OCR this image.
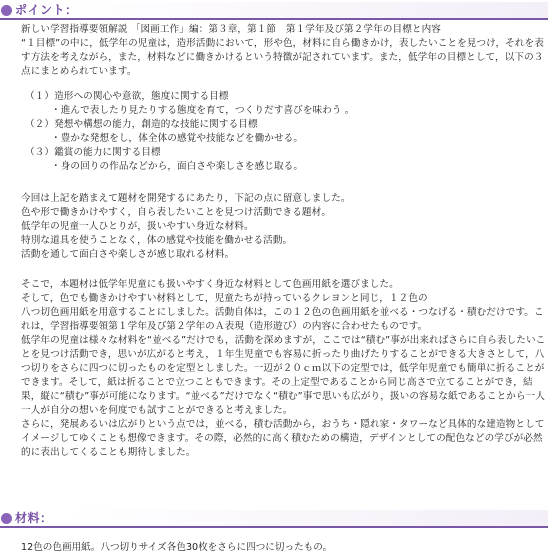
ポイント：

新しい学習指導要領解説 「図画工作」編：第３章，第１節　第１学年及び第２学年の目標と内容
“１目標”の中に，低学年の児童は，造形活動において，形や色，材料に自ら働きかけ，表したいことを見つけ，それを表す方法を考えながら，また，材料などに働きかけるという特徴が記されています。また，低学年の目標として，以下の３点にまとめられています。

（１）造形への関心や意欲，態度に関する目標
・進んで表したり見たりする態度を育て，つくりだす喜びを味わう 。
（２）発想や構想の能力，創造的な技能に関する目標
・豊かな発想をし，体全体の感覚や技能などを働かせる。
（３）鑑賞の能力に関する目標
・身の回りの作品などから，面白さや楽しさを感じ取る。

今回は上記を踏まえて題材を開発するにあたり，下記の点に留意しました。
色や形で働きかけやすく，自ら表したいことを見つけ活動できる題材。
低学年の児童一人ひとりが，扱いやすい身近な材料。
特別な道具を使うことなく，体の感覚や技能を働かせる活動。
活動を通して面白さや楽しさが感じ取れる材料。

そこで，本題材は低学年児童にも扱いやすく身近な材料として色画用紙を選びました。
そして，色でも働きかけやすい材料として，児童たちが持っているクレヨンと同じ，１２色の
八つ切色画用紙を用意することにしました。活動自体は，この１２色の色画用紙を並べる・つなげる・積むだけです。これは，学習指導要領第１学年及び第２学年のＡ表現（造形遊び）の内容に合わせたものです。

低学年の児童は様々な材料を“並べる”だけでも，活動を深めますが，ここでは“積む”事が出来ればさらに自ら表したいことを見つけ活動でき，思いが広がると考え，１年生児童でも容易に折ったり曲げたりすることができる大きさとして，八つ切りをさらに四つに切ったものを定型としました。一辺が２０ｃｍ以下の定型では，低学年児童でも簡単に折ることができます。そして，紙は折ることで立つこともできます。その上定型であることから同じ高さで立てることができ，結果，縦に“積む”事が可能になります。“並べる”だけでなく“積む”事で思いも広がり，扱いの容易な紙であることから一人一人が自分の想いを何度でも試すことができると考えました。
さらに，発展あるいは広がりという点では，並べる，積む活動から，おうち・隠れ家・タワーなど具体的な建造物としてイメージしてゆくことも想像できます。その際，必然的に高く積むための構造，デザインとしての配色などの学びが必然的に表出してくることも期待しました。

材料：
12色の色画用紙。八つ切りサイズ各色30枚をさらに四つに切ったもの。
